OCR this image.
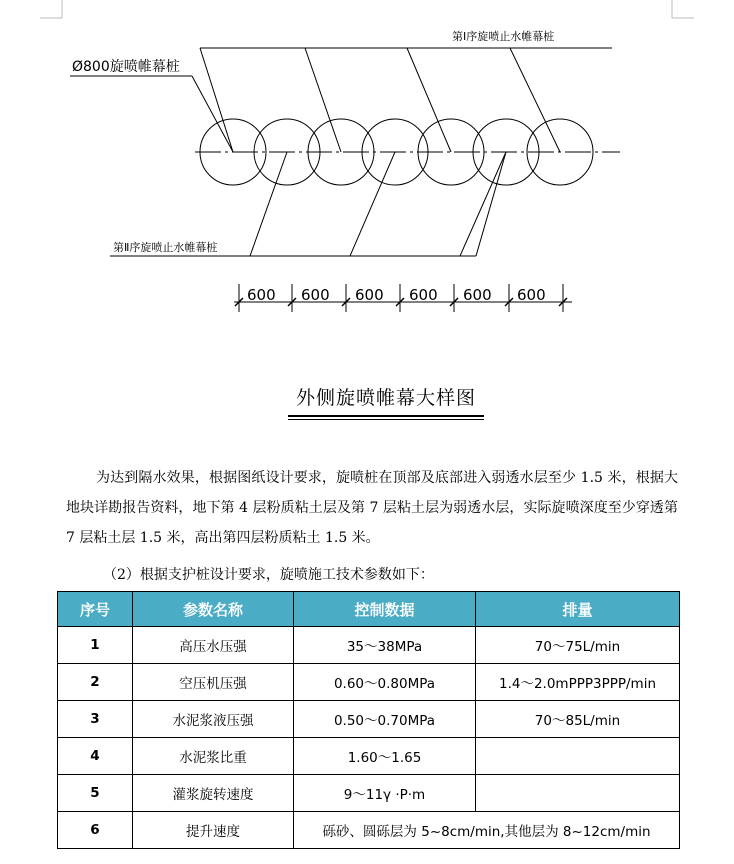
Ø800旋喷帷幕桩
第Ⅰ序旋喷止水帷幕桩
第Ⅱ序旋喷止水帷幕桩
600 600 600 600 600 600
外侧旋喷帷幕大样图

为达到隔水效果，根据图纸设计要求，旋喷桩在顶部及底部进入弱透水层至少 1.5 米，根据大地块详勘报告资料，地下第 4 层粉质粘土层及第 7 层粘土层为弱透水层，实际旋喷深度至少穿透第 7 层粘土层 1.5 米，高出第四层粉质粘土 1.5 米。

（2）根据支护桩设计要求，旋喷施工技术参数如下：

序号	参数名称	控制数据	排量
1	高压水压强	35～38MPa	70～75L/min
2	空压机压强	0.60～0.80MPa	1.4～2.0mPPP3PPP/min
3	水泥浆液压强	0.50～0.70MPa	70～85L/min
4	水泥浆比重	1.60～1.65	
5	灌浆旋转速度	9～11γ ·P·m	
6	提升速度	砾砂、圆砾层为 5~8cm/min,其他层为 8~12cm/min	
